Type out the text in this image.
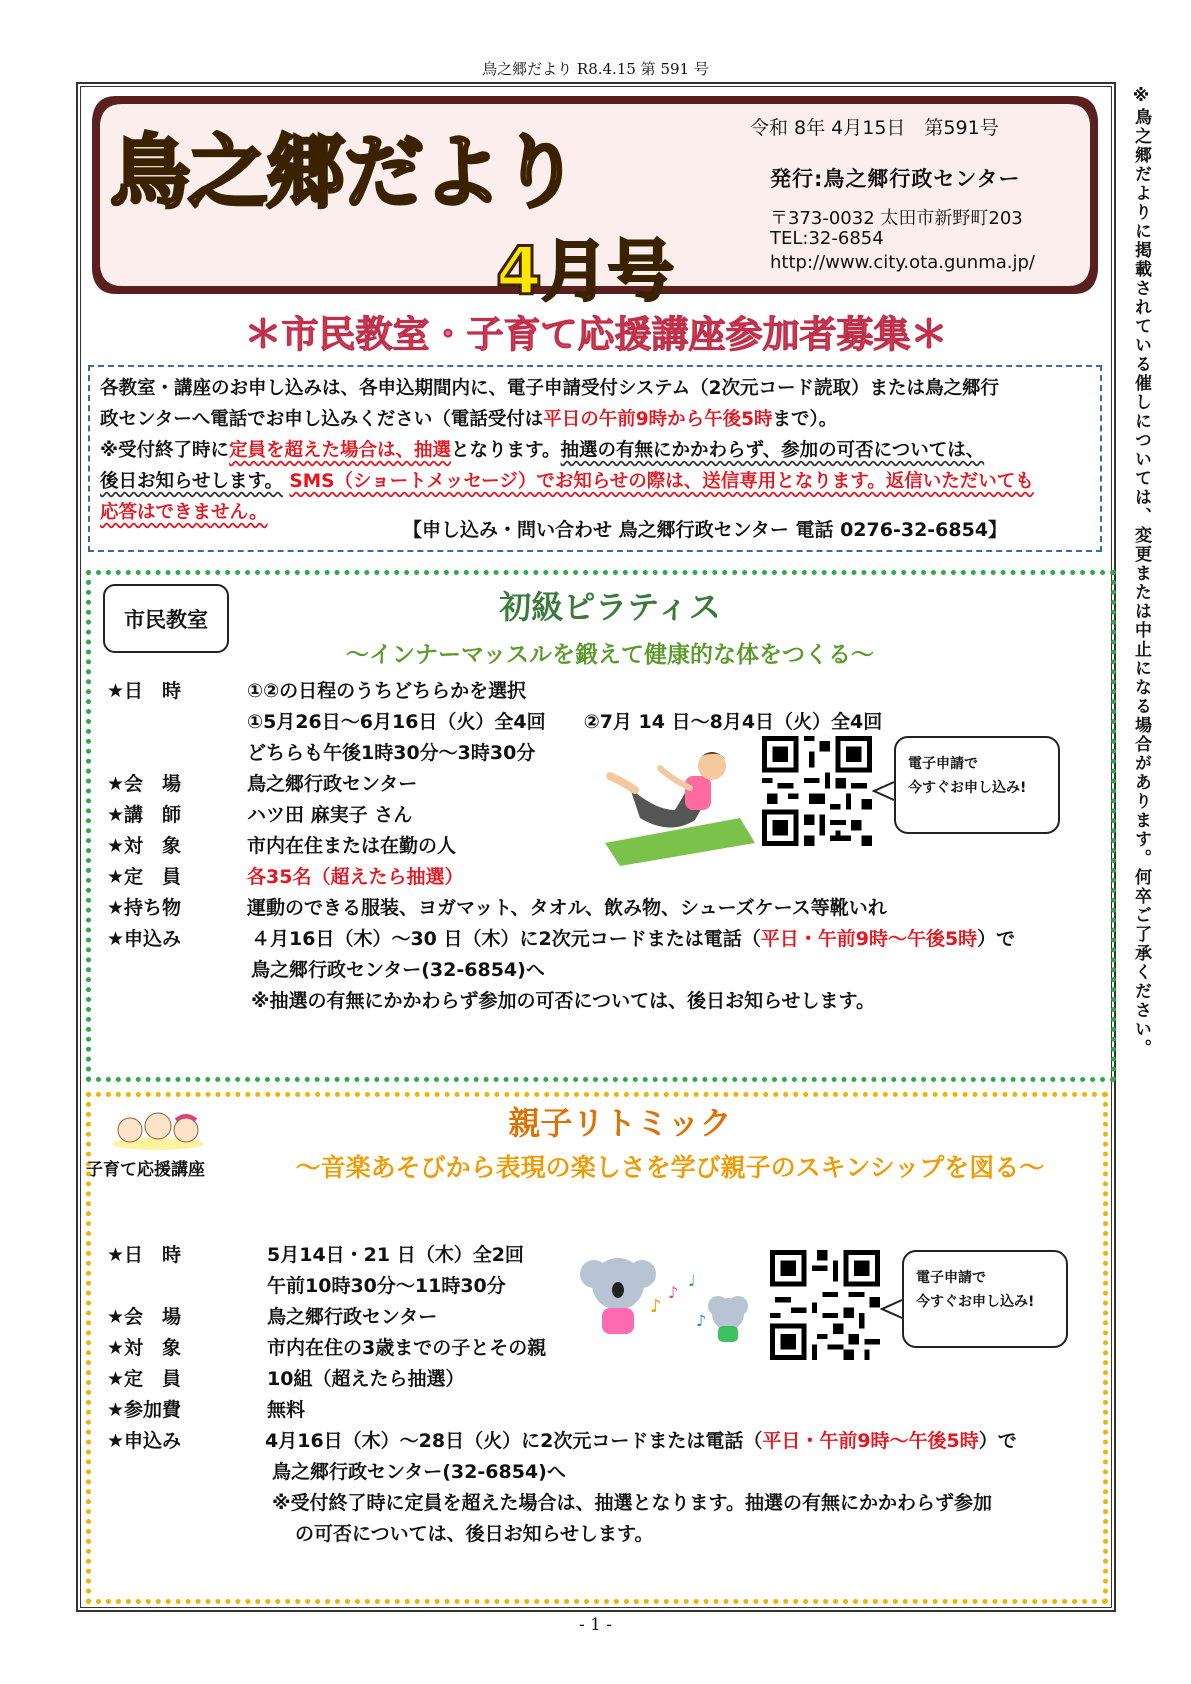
鳥之郷だより R8.4.15 第 591 号
※鳥之郷だよりに掲載されている催しについては、変更または中止になる場合があります。何卒ご了承ください。
鳥之郷だより
4月号
令和 8年 4月15日　第591号
発行:鳥之郷行政センター
〒373-0032 太田市新野町203
TEL:32-6854
http://www.city.ota.gunma.jp/
＊市民教室・子育て応援講座参加者募集＊
各教室・講座のお申し込みは、各申込期間内に、電子申請受付システム（2次元コード読取）または鳥之郷行
政センターへ電話でお申し込みください（電話受付は平日の午前9時から午後5時まで）。
※受付終了時に定員を超えた場合は、抽選となります。抽選の有無にかかわらず、参加の可否については、
後日お知らせします。 SMS（ショートメッセージ）でお知らせの際は、送信専用となります。返信いただいても
応答はできません。
【申し込み・問い合わせ 鳥之郷行政センター 電話 0276-32-6854】
市民教室	初級ピラティス
～インナーマッスルを鍛えて健康的な体をつくる～
★日　時	①②の日程のうちどちらかを選択
①5月26日～6月16日（火）全4回　　②7月 14 日～8月4日（火）全4回
どちらも午後1時30分～3時30分
★会　場	鳥之郷行政センター
★講　師	ハツ田 麻実子 さん
★対　象	市内在住または在勤の人
★定　員	各35名（超えたら抽選）
★持ち物	運動のできる服装、ヨガマット、タオル、飲み物、シューズケース等靴いれ
★申込み	４月16日（木）～30 日（木）に2次元コードまたは電話（平日・午前9時～午後5時）で
鳥之郷行政センター(32-6854)へ
※抽選の有無にかかわらず参加の可否については、後日お知らせします。
電子申請で
今すぐお申し込み!
子育て応援講座
親子リトミック
～音楽あそびから表現の楽しさを学び親子のスキンシップを図る～
★日　時	5月14日・21 日（木）全2回
午前10時30分～11時30分
★会　場	鳥之郷行政センター
★対　象	市内在住の3歳までの子とその親
★定　員	10組（超えたら抽選）
★参加費	無料
★申込み	4月16日（木）～28日（火）に2次元コードまたは電話（平日・午前9時～午後5時）で
鳥之郷行政センター(32-6854)へ
※受付終了時に定員を超えた場合は、抽選となります。抽選の有無にかかわらず参加
の可否については、後日お知らせします。
♪
♪
♩
♪
電子申請で
今すぐお申し込み!
- 1 -
